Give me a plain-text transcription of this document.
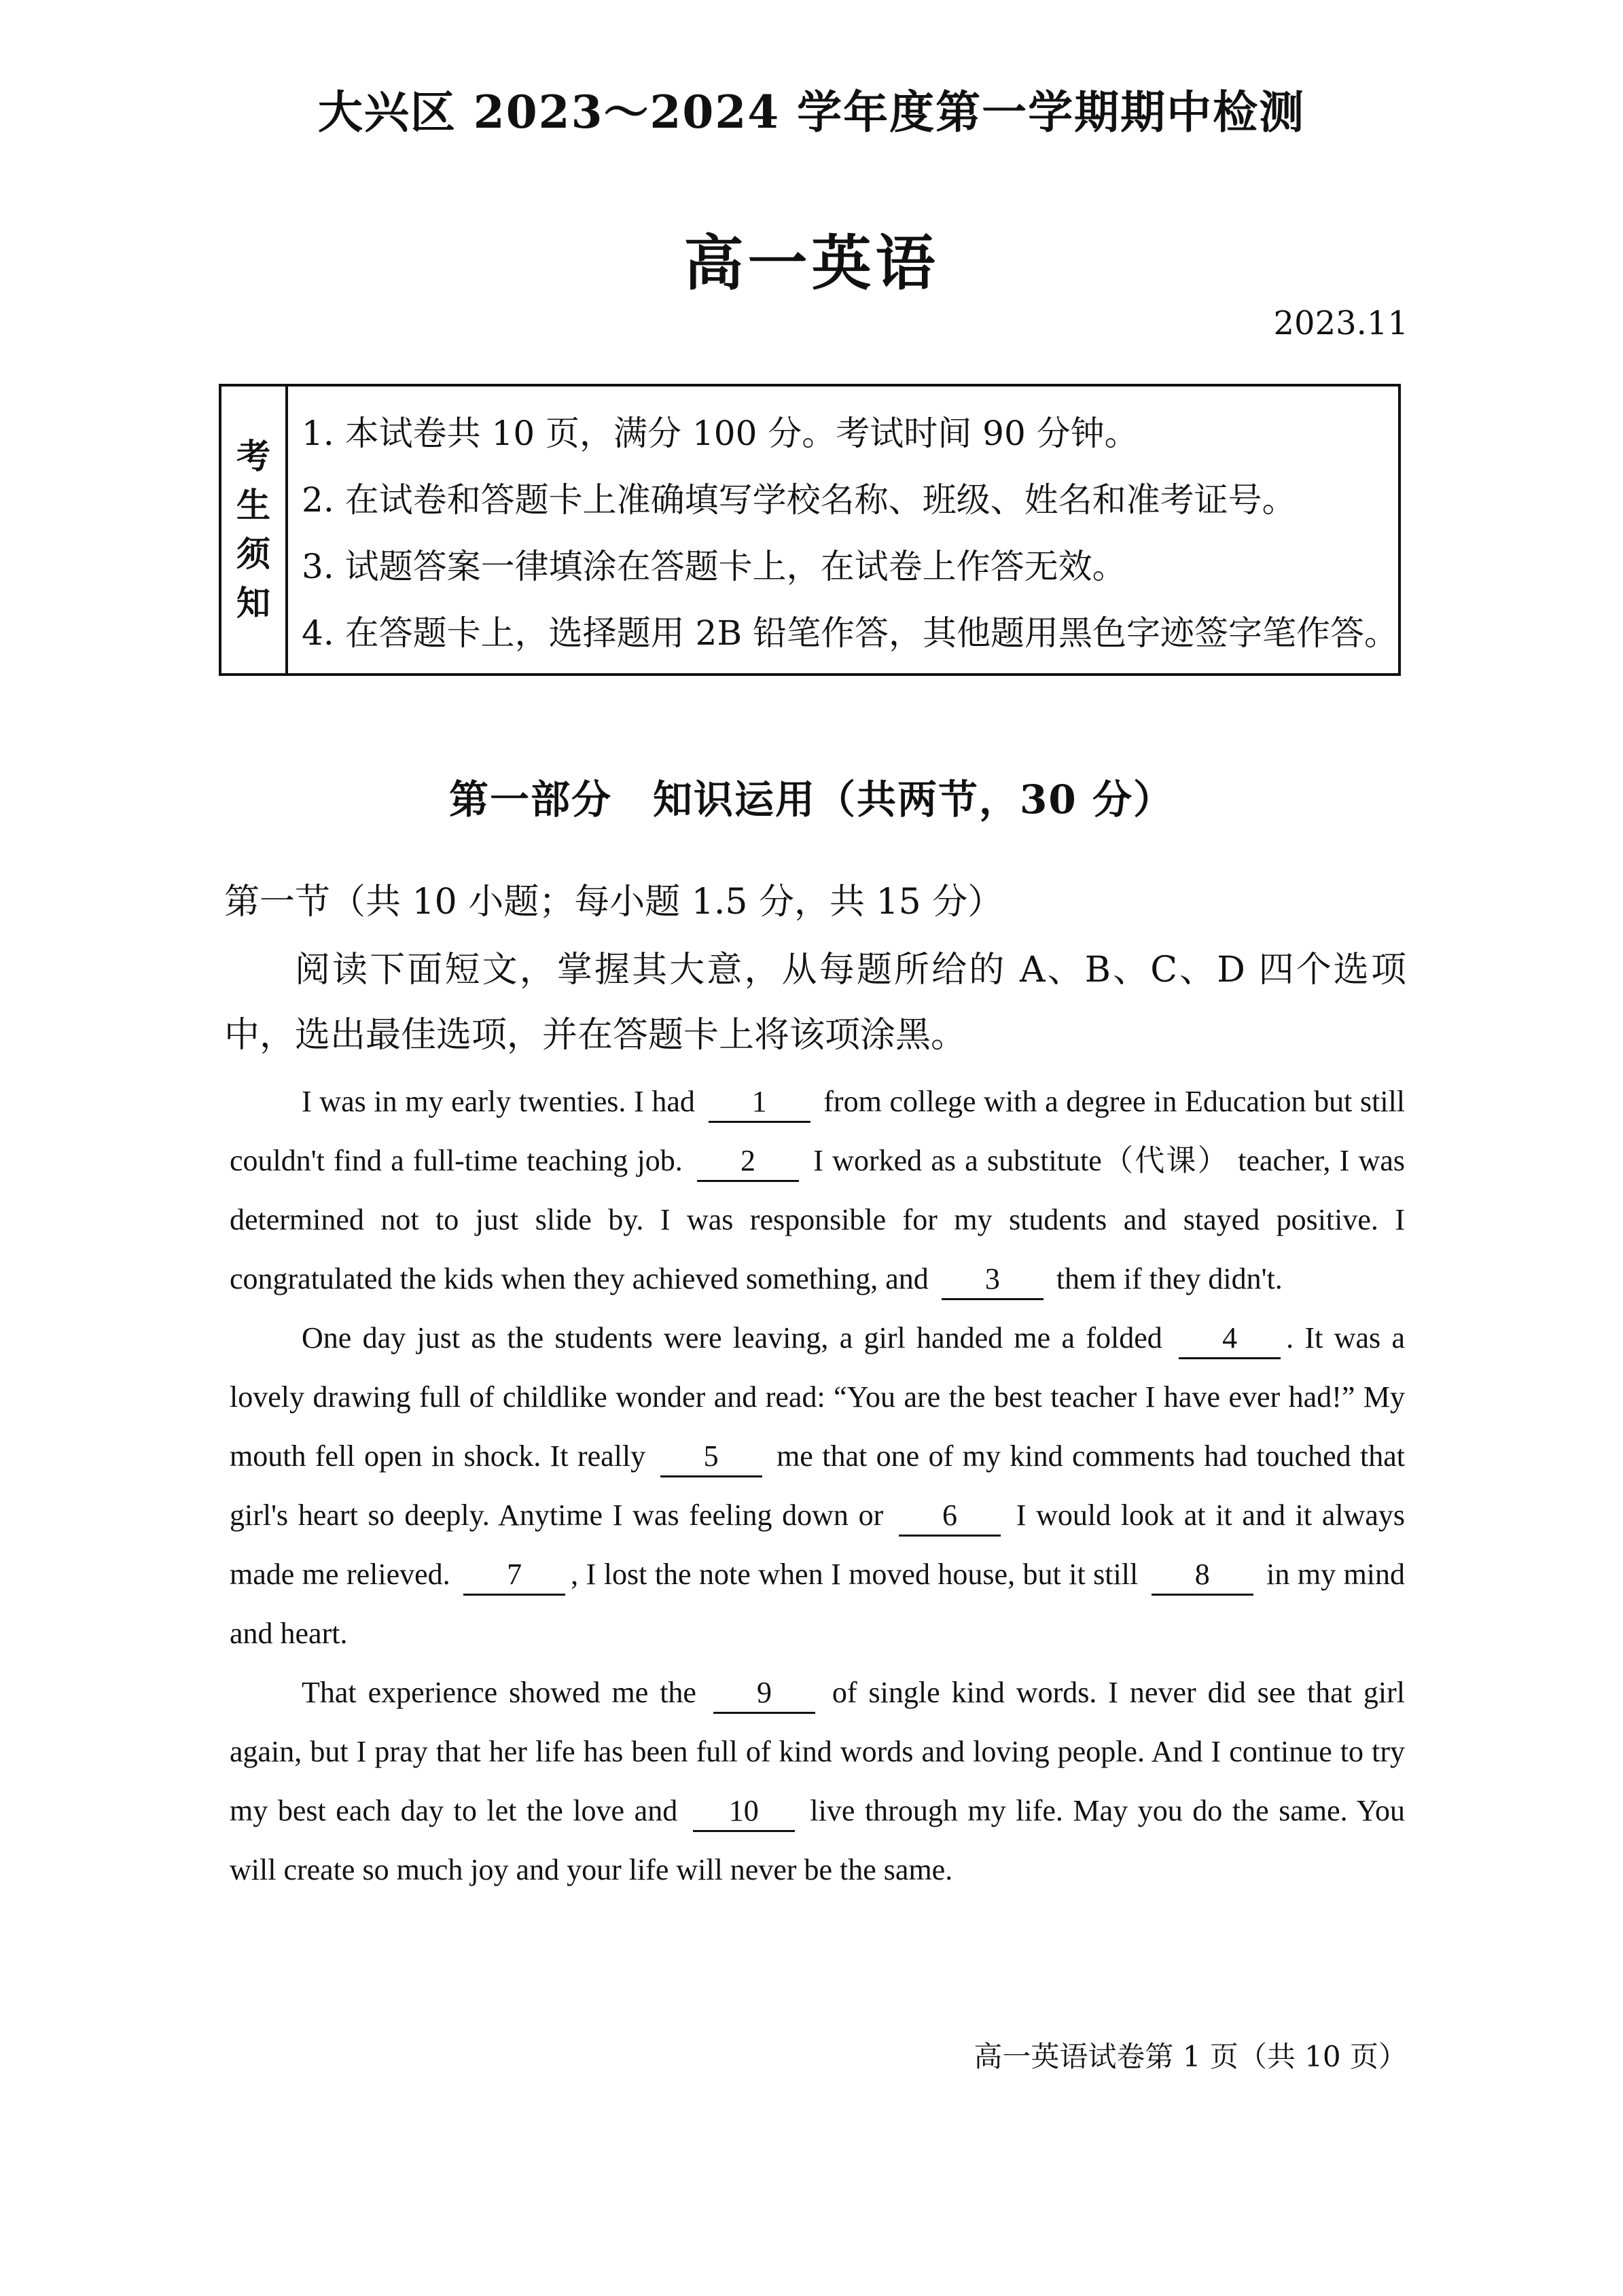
大兴区 2023～2024 学年度第一学期期中检测
高一英语
2023.11
考
生
须
知
1. 本试卷共 10 页，满分 100 分。考试时间 90 分钟。
2. 在试卷和答题卡上准确填写学校名称、班级、姓名和准考证号。
3. 试题答案一律填涂在答题卡上，在试卷上作答无效。
4. 在答题卡上，选择题用 2B 铅笔作答，其他题用黑色字迹签字笔作答。
第一部分　知识运用（共两节，30 分）
第一节（共 10 小题；每小题 1.5 分，共 15 分）
阅读下面短文，掌握其大意，从每题所给的 A、B、C、D 四个选项中，选出最佳选项，并在答题卡上将该项涂黑。

I was in my early twenties. I had 1 from college with a degree in Education but still couldn't find a full-time teaching job. 2 I worked as a substitute（代课） teacher, I was determined not to just slide by. I was responsible for my students and stayed positive. I congratulated the kids when they achieved something, and 3 them if they didn't.

One day just as the students were leaving, a girl handed me a folded 4 . It was a lovely drawing full of childlike wonder and read: “You are the best teacher I have ever had!” My mouth fell open in shock. It really 5 me that one of my kind comments had touched that girl's heart so deeply. Anytime I was feeling down or 6 I would look at it and it always made me relieved. 7 , I lost the note when I moved house, but it still 8 in my mind and heart.

That experience showed me the 9 of single kind words. I never did see that girl again, but I pray that her life has been full of kind words and loving people. And I continue to try my best each day to let the love and 10 live through my life. May you do the same. You will create so much joy and your life will never be the same.

高一英语试卷第 1 页（共 10 页）
